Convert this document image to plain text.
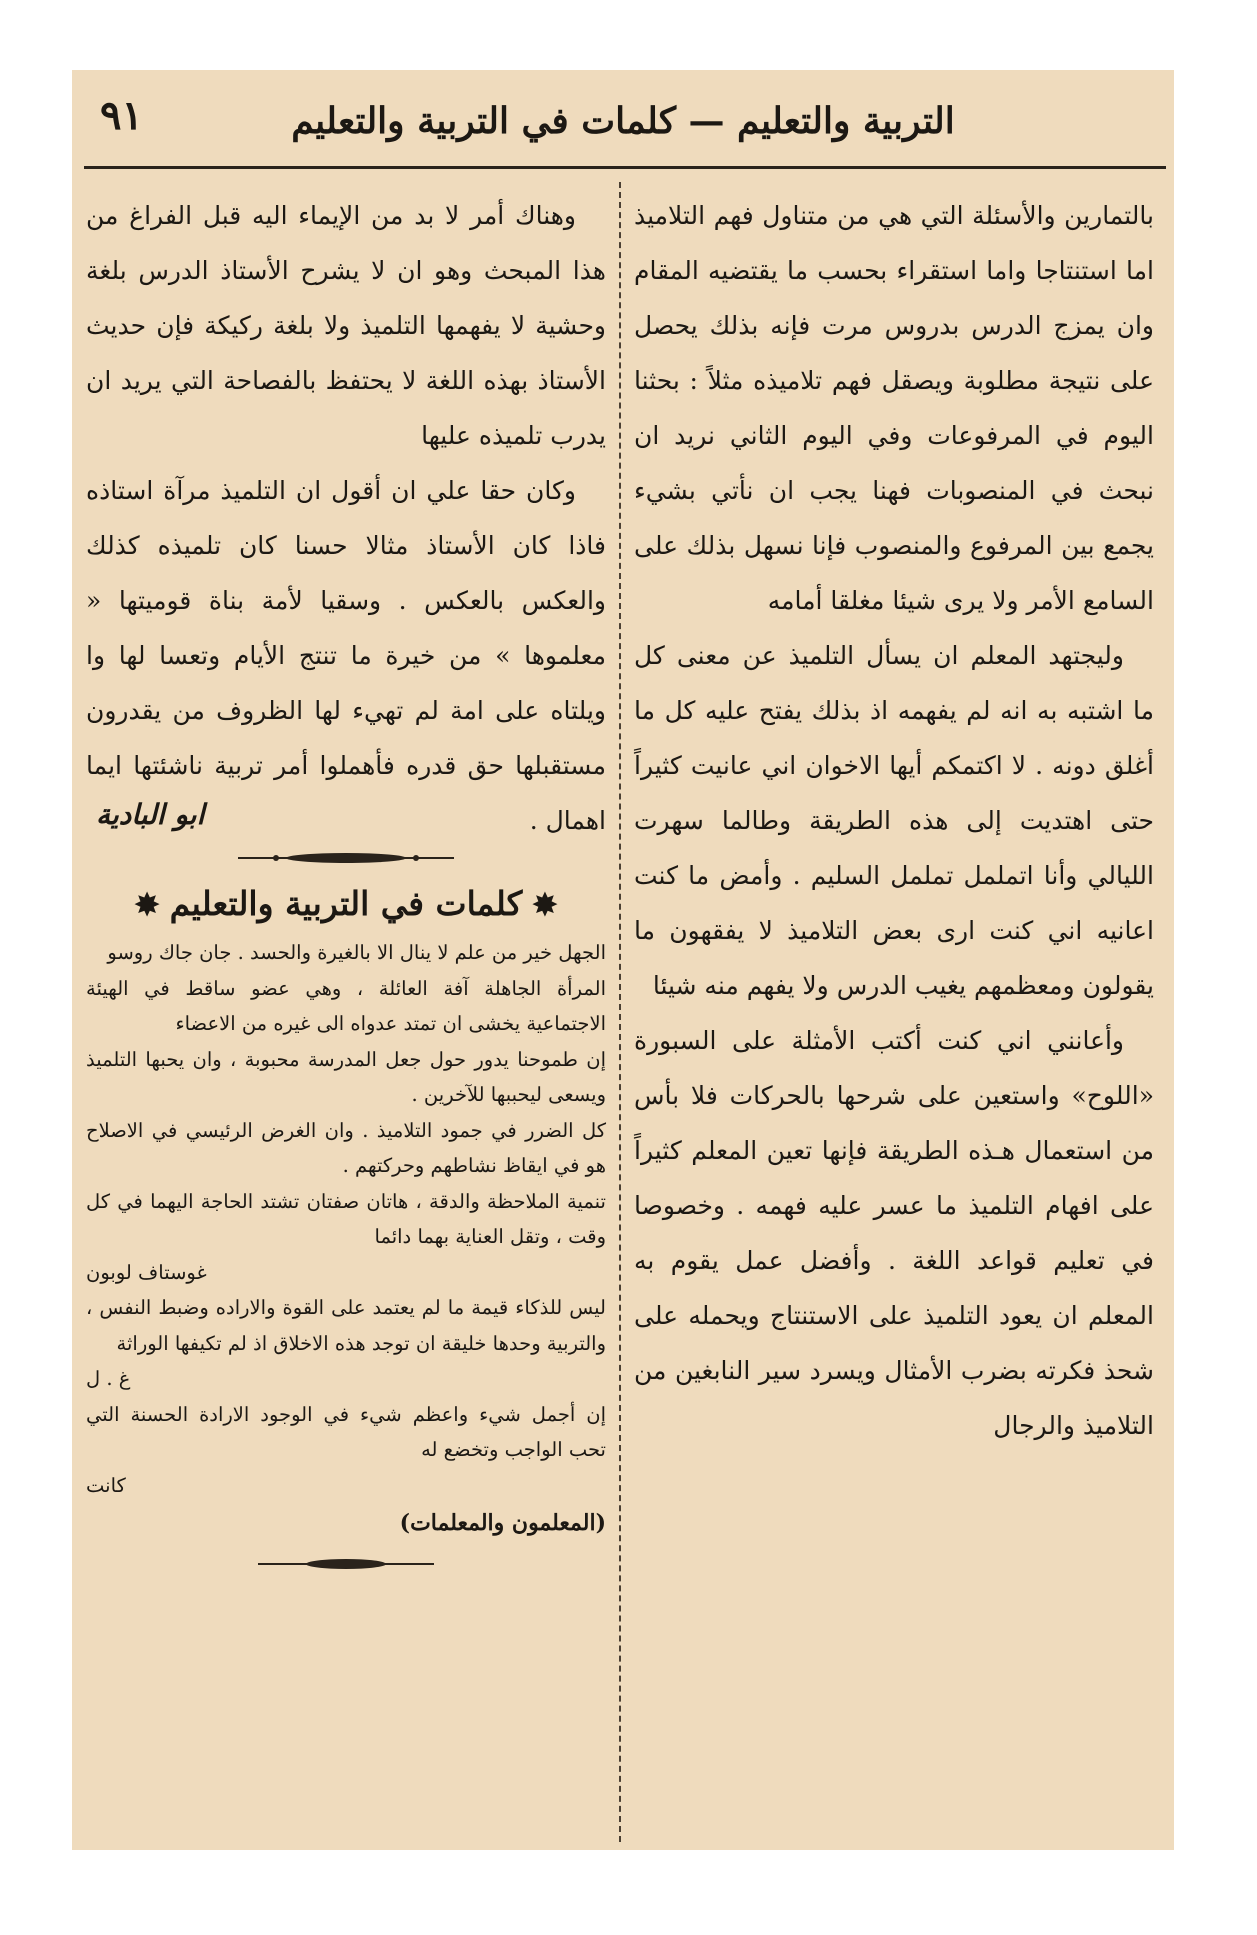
٩١	التربية والتعليم — كلمات في التربية والتعليم

بالتمارين والأسئلة التي هي من متناول فهم التلاميذ اما استنتاجا واما استقراء بحسب ما يقتضيه المقام وان يمزج الدرس بدروس مرت فإنه بذلك يحصل على نتيجة مطلوبة ويصقل فهم تلاميذه مثلاً : بحثنا اليوم في المرفوعات وفي اليوم الثاني نريد ان نبحث في المنصوبات فهنا يجب ان نأتي بشيء يجمع بين المرفوع والمنصوب فإنا نسهل بذلك على السامع الأمر ولا يرى شيئا مغلقا أمامه

وليجتهد المعلم ان يسأل التلميذ عن معنى كل ما اشتبه به انه لم يفهمه اذ بذلك يفتح عليه كل ما أغلق دونه . لا اكتمكم أيها الاخوان اني عانيت كثيراً حتى اهتديت إلى هذه الطريقة وطالما سهرت الليالي وأنا اتململ تململ السليم . وأمض ما كنت اعانيه اني كنت ارى بعض التلاميذ لا يفقهون ما يقولون ومعظمهم يغيب الدرس ولا يفهم منه شيئا

وأعانني اني كنت أكتب الأمثلة على السبورة «اللوح» واستعين على شرحها بالحركات فلا بأس من استعمال هـذه الطريقة فإنها تعين المعلم كثيراً على افهام التلميذ ما عسر عليه فهمه . وخصوصا في تعليم قواعد اللغة . وأفضل عمل يقوم به المعلم ان يعود التلميذ على الاستنتاج ويحمله على شحذ فكرته بضرب الأمثال ويسرد سير النابغين من التلاميذ والرجال

وهناك أمر لا بد من الإيماء اليه قبل الفراغ من هذا المبحث وهو ان لا يشرح الأستاذ الدرس بلغة وحشية لا يفهمها التلميذ ولا بلغة ركيكة فإن حديث الأستاذ بهذه اللغة لا يحتفظ بالفصاحة التي يريد ان يدرب تلميذه عليها

وكان حقا علي ان أقول ان التلميذ مرآة استاذه فاذا كان الأستاذ مثالا حسنا كان تلميذه كذلك والعكس بالعكس . وسقيا لأمة بناة قوميتها « معلموها » من خيرة ما تنتج الأيام وتعسا لها وا ويلتاه على امة لم تهيء لها الظروف من يقدرون مستقبلها حق قدره فأهملوا أمر تربية ناشئتها ايما اهمال .

ابو البادية
✸كلمات في التربية والتعليم✸

الجهل خير من علم لا ينال الا بالغيرة والحسد . جان جاك روسو

المرأة الجاهلة آفة العائلة ، وهي عضو ساقط في الهيئة الاجتماعية يخشى ان تمتد عدواه الى غيره من الاعضاء

إن طموحنا يدور حول جعل المدرسة محبوبة ، وان يحبها التلميذ ويسعى ليحببها للآخرين .

كل الضرر في جمود التلاميذ . وان الغرض الرئيسي في الاصلاح هو في ايقاظ نشاطهم وحركتهم .

تنمية الملاحظة والدقة ، هاتان صفتان تشتد الحاجة اليهما في كل وقت ، وتقل العناية بهما دائما

غوستاف لوبون

ليس للذكاء قيمة ما لم يعتمد على القوة والاراده وضبط النفس ، والتربية وحدها خليقة ان توجد هذه الاخلاق اذ لم تكيفها الوراثة

غ . ل

إن أجمل شيء واعظم شيء في الوجود الارادة الحسنة التي تحب الواجب وتخضع له

كانت

(المعلمون والمعلمات)
